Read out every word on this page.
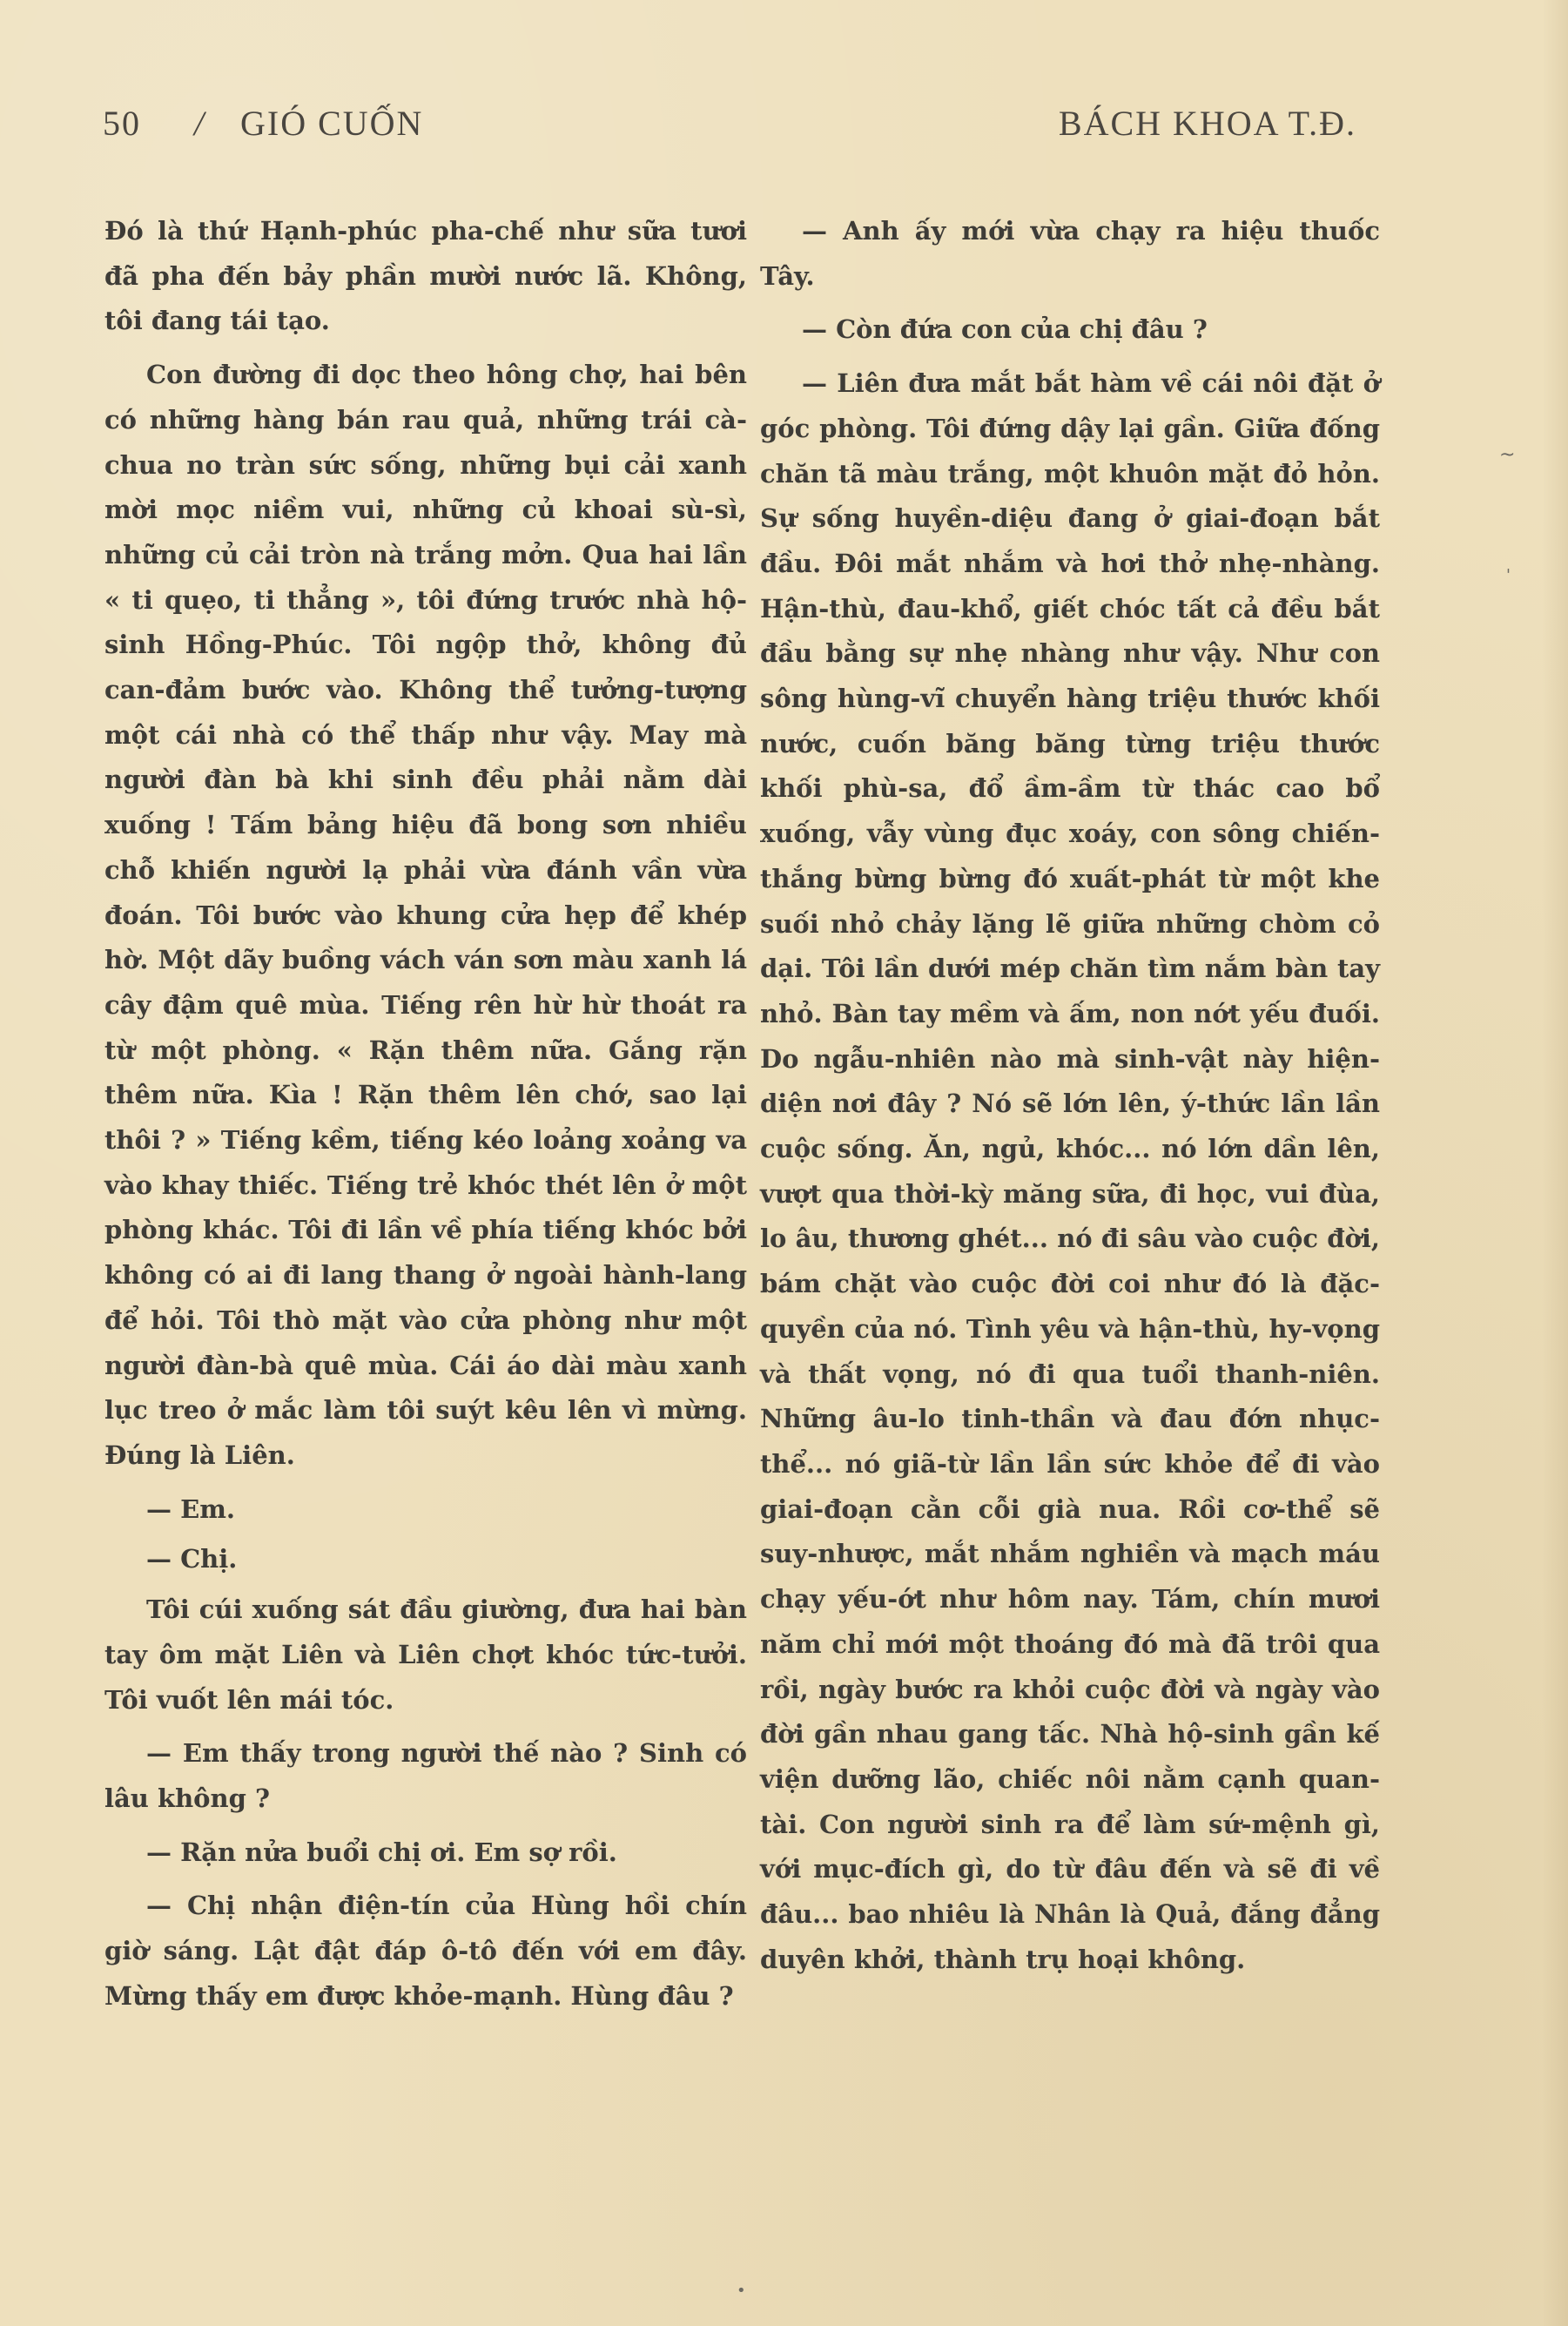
50 / GIÓ CUỐN	BÁCH KHOA T.Đ.

Đó là thứ Hạnh-phúc pha-chế như sữa tươi đã pha đến bảy phần mười nước lã. Không, tôi đang tái tạo.

Con đường đi dọc theo hông chợ, hai bên có những hàng bán rau quả, những trái cà-chua no tràn sức sống, những bụi cải xanh mời mọc niềm vui, những củ khoai sù-sì, những củ cải tròn nà trắng mởn. Qua hai lần « ti quẹo, ti thẳng », tôi đứng trước nhà hộ-sinh Hồng-Phúc. Tôi ngộp thở, không đủ can-đảm bước vào. Không thể tưởng-tượng một cái nhà có thể thấp như vậy. May mà người đàn bà khi sinh đều phải nằm dài xuống ! Tấm bảng hiệu đã bong sơn nhiều chỗ khiến người lạ phải vừa đánh vần vừa đoán. Tôi bước vào khung cửa hẹp để khép hờ. Một dãy buồng vách ván sơn màu xanh lá cây đậm quê mùa. Tiếng rên hừ hừ thoát ra từ một phòng. « Rặn thêm nữa. Gắng rặn thêm nữa. Kìa ! Rặn thêm lên chớ, sao lại thôi ? » Tiếng kềm, tiếng kéo loảng xoảng va vào khay thiếc. Tiếng trẻ khóc thét lên ở một phòng khác. Tôi đi lần về phía tiếng khóc bởi không có ai đi lang thang ở ngoài hành-lang để hỏi. Tôi thò mặt vào cửa phòng như một người đàn-bà quê mùa. Cái áo dài màu xanh lục treo ở mắc làm tôi suýt kêu lên vì mừng. Đúng là Liên.

— Em.

— Chị.

Tôi cúi xuống sát đầu giường, đưa hai bàn tay ôm mặt Liên và Liên chợt khóc tức-tưởi. Tôi vuốt lên mái tóc.

— Em thấy trong người thế nào ? Sinh có lâu không ?

— Rặn nửa buổi chị ơi. Em sợ rồi.

— Chị nhận điện-tín của Hùng hồi chín giờ sáng. Lật đật đáp ô-tô đến với em đây. Mừng thấy em được khỏe-mạnh. Hùng đâu ?

— Anh ấy mới vừa chạy ra hiệu thuốc Tây.

— Còn đứa con của chị đâu ?

— Liên đưa mắt bắt hàm về cái nôi đặt ở góc phòng. Tôi đứng dậy lại gần. Giữa đống chăn tã màu trắng, một khuôn mặt đỏ hỏn. Sự sống huyền-diệu đang ở giai-đoạn bắt đầu. Đôi mắt nhắm và hơi thở nhẹ-nhàng. Hận-thù, đau-khổ, giết chóc tất cả đều bắt đầu bằng sự nhẹ nhàng như vậy. Như con sông hùng-vĩ chuyển hàng triệu thước khối nước, cuốn băng băng từng triệu thước khối phù-sa, đổ ầm-ầm từ thác cao bổ xuống, vẫy vùng đục xoáy, con sông chiến-thắng bừng bừng đó xuất-phát từ một khe suối nhỏ chảy lặng lẽ giữa những chòm cỏ dại. Tôi lần dưới mép chăn tìm nắm bàn tay nhỏ. Bàn tay mềm và ấm, non nớt yếu đuối. Do ngẫu-nhiên nào mà sinh-vật này hiện-diện nơi đây ? Nó sẽ lớn lên, ý-thức lần lần cuộc sống. Ăn, ngủ, khóc... nó lớn dần lên, vượt qua thời-kỳ măng sữa, đi học, vui đùa, lo âu, thương ghét... nó đi sâu vào cuộc đời, bám chặt vào cuộc đời coi như đó là đặc-quyền của nó. Tình yêu và hận-thù, hy-vọng và thất vọng, nó đi qua tuổi thanh-niên. Những âu-lo tinh-thần và đau đớn nhục-thể... nó giã-từ lần lần sức khỏe để đi vào giai-đoạn cằn cỗi già nua. Rồi cơ-thể sẽ suy-nhược, mắt nhắm nghiền và mạch máu chạy yếu-ớt như hôm nay. Tám, chín mươi năm chỉ mới một thoáng đó mà đã trôi qua rồi, ngày bước ra khỏi cuộc đời và ngày vào đời gần nhau gang tấc. Nhà hộ-sinh gần kế viện dưỡng lão, chiếc nôi nằm cạnh quan-tài. Con người sinh ra để làm sứ-mệnh gì, với mục-đích gì, do từ đâu đến và sẽ đi về đâu... bao nhiêu là Nhân là Quả, đắng đẳng duyên khởi, thành trụ hoại không.

~
'
•
